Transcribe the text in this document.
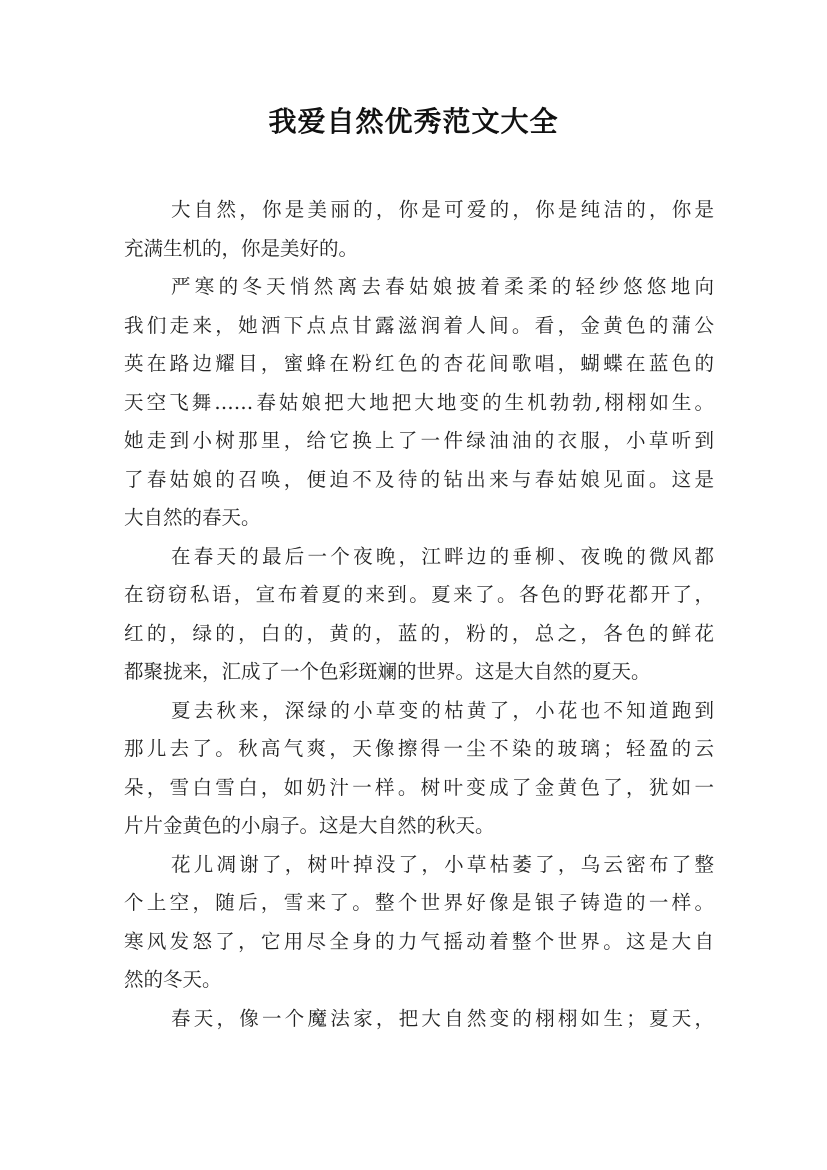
我爱自然优秀范文大全
大自然，你是美丽的，你是可爱的，你是纯洁的，你是
充满生机的，你是美好的。
严寒的冬天悄然离去春姑娘披着柔柔的轻纱悠悠地向
我们走来，她洒下点点甘露滋润着人间。看，金黄色的蒲公
英在路边耀目，蜜蜂在粉红色的杏花间歌唱，蝴蝶在蓝色的
天空飞舞……春姑娘把大地把大地变的生机勃勃,栩栩如生。
她走到小树那里，给它换上了一件绿油油的衣服，小草听到
了春姑娘的召唤，便迫不及待的钻出来与春姑娘见面。这是
大自然的春天。
在春天的最后一个夜晚，江畔边的垂柳、夜晚的微风都
在窃窃私语，宣布着夏的来到。夏来了。各色的野花都开了，
红的，绿的，白的，黄的，蓝的，粉的，总之，各色的鲜花
都聚拢来，汇成了一个色彩斑斓的世界。这是大自然的夏天。
夏去秋来，深绿的小草变的枯黄了，小花也不知道跑到
那儿去了。秋高气爽，天像擦得一尘不染的玻璃；轻盈的云
朵，雪白雪白，如奶汁一样。树叶变成了金黄色了，犹如一
片片金黄色的小扇子。这是大自然的秋天。
花儿凋谢了，树叶掉没了，小草枯萎了，乌云密布了整
个上空，随后，雪来了。整个世界好像是银子铸造的一样。
寒风发怒了，它用尽全身的力气摇动着整个世界。这是大自
然的冬天。
春天，像一个魔法家，把大自然变的栩栩如生；夏天，
